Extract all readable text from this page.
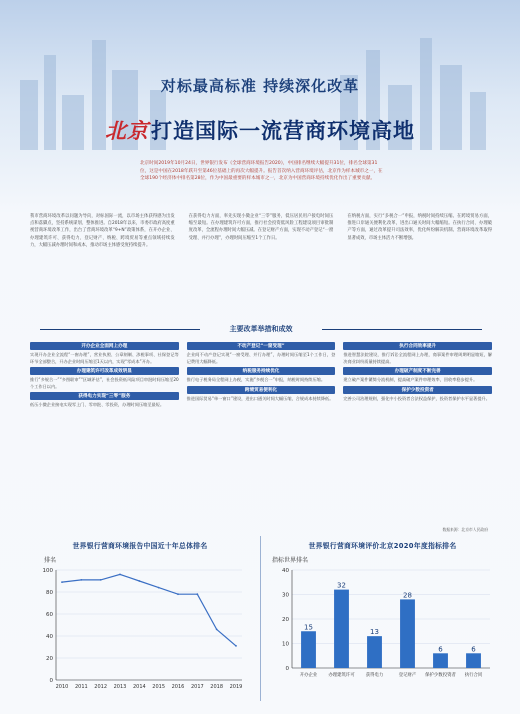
对标最高标准 持续深化改革
北京打造国际一流营商环境高地
北京时间2019年10月24日，世界银行发布《全球营商环境报告2020》，中国排名继续大幅提升31位，排名全球第31位，这是中国在2018年跃升至第46位基础上的再次大幅提升。报告首次纳入营商环境评估，北京作为样本城市之一，在全球190个经济体中排名第28位，作为中国最重要的样本城市之一，北京为中国营商环境持续优化作出了重要贡献。
我市营商环境改革以问题为导向，对标国际一流，以市场主体获得感为出发点和落脚点，坚持系统谋划、整体推进。自2018年以来，市委市政府高度重视营商环境改革工作，出台了营商环境改革“9+N”政策体系，在开办企业、办理建筑许可、获得电力、登记财产、纳税、跨境贸易等重点领域持续发力，大幅压减办理时间和成本，推动市场主体感受度持续提升。
在获得电力方面，率先实现小微企业“三零”服务，低压居民用户接电时间压缩至最短。在办理建筑许可方面，推行社会投资低风险工程建设项目审批制度改革，全流程办理时间大幅压减。在登记财产方面，实现不动产登记“一窗受理、并行办理”，办理时间压缩至1个工作日。
在纳税方面，实行“多税合一”申报，纳税时间持续压缩。在跨境贸易方面，推进口岸通关便利化改革，进出口通关时间大幅缩短。在执行合同、办理破产等方面，通过改革提升司法效率，优化纠纷解决机制。营商环境改革取得显著成效，市场主体活力不断增强。
主要改革举措和成效
开办企业全面网上办理
实现开办企业全流程“一窗办理”，营业执照、公章刻制、涉税事项、社保登记等环节全部整合，开办企业时间压缩至1天以内，实现“零成本”开办。
办理建筑许可改革成效明显
推行“多规合一”“多图联审”“区域评估”，社会投资低风险项目审批时间压缩至20个工作日以内。
获得电力实现“三零”服务
低压小微企业接电实现零上门、零审批、零投资，办理时间压缩至最短。
不动产登记“一窗受理”
企业间不动产登记实现“一窗受理、并行办理”，办理时间压缩至1个工作日，登记费用大幅降低。
纳税服务持续优化
推行电子税务局全程网上办税，实施“多税合一”申报，纳税时间持续压缩。
跨境贸易便利化
推进国际贸易“单一窗口”建设，进出口通关时间大幅压缩，合规成本持续降低。
执行合同效率提升
推进智慧法院建设，推行诉讼全流程网上办理，商事案件审理周期明显缩短，解决商业纠纷质量持续提高。
办理破产制度不断完善
建立破产案件繁简分流机制，提高破产案件审理效率，回收率稳步提升。
保护少数投资者
完善公司治理规则，强化中小投资者合法权益保护，投资者保护水平显著提升。
数据来源：北京市人民政府
世界银行营商环境报告中国近十年总体排名
排名
0
20
40
60
80
100
2010 2011 2012 2013 2014 2015 2016 2017 2018 2019
世界银行营商环境评价北京2020年度指标排名
指标世界排名
0
10
20
30
40
15
开办企业
32
办理建筑许可
13
获得电力
28
登记财产
6
保护少数投资者
6
执行合同
